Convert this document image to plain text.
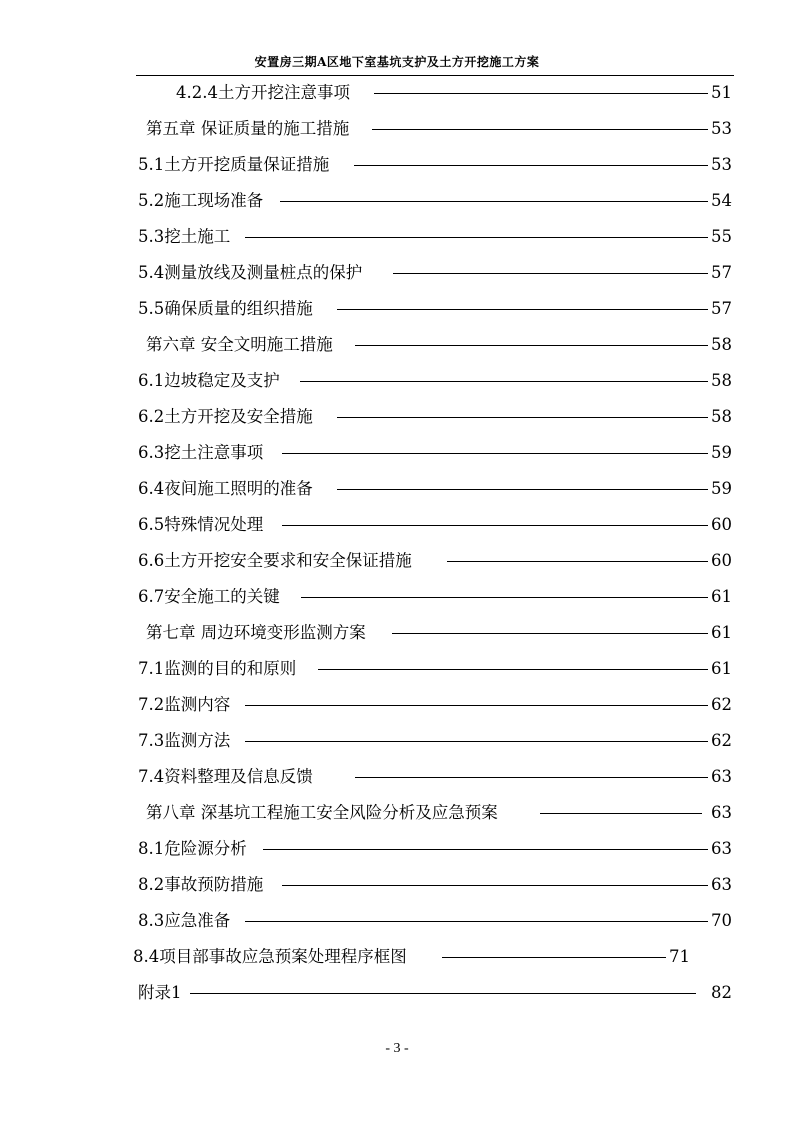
安置房三期A区地下室基坑支护及土方开挖施工方案
4.2.4土方开挖注意事项	51
第五章 保证质量的施工措施	53
5.1土方开挖质量保证措施	53
5.2施工现场准备	54
5.3挖土施工	55
5.4测量放线及测量桩点的保护	57
5.5确保质量的组织措施	57
第六章 安全文明施工措施	58
6.1边坡稳定及支护	58
6.2土方开挖及安全措施	58
6.3挖土注意事项	59
6.4夜间施工照明的准备	59
6.5特殊情况处理	60
6.6土方开挖安全要求和安全保证措施	60
6.7安全施工的关键	61
第七章 周边环境变形监测方案	61
7.1监测的目的和原则	61
7.2监测内容	62
7.3监测方法	62
7.4资料整理及信息反馈	63
第八章 深基坑工程施工安全风险分析及应急预案	63
8.1危险源分析	63
8.2事故预防措施	63
8.3应急准备	70
8.4项目部事故应急预案处理程序框图	71
附录1	82
- 3 -
